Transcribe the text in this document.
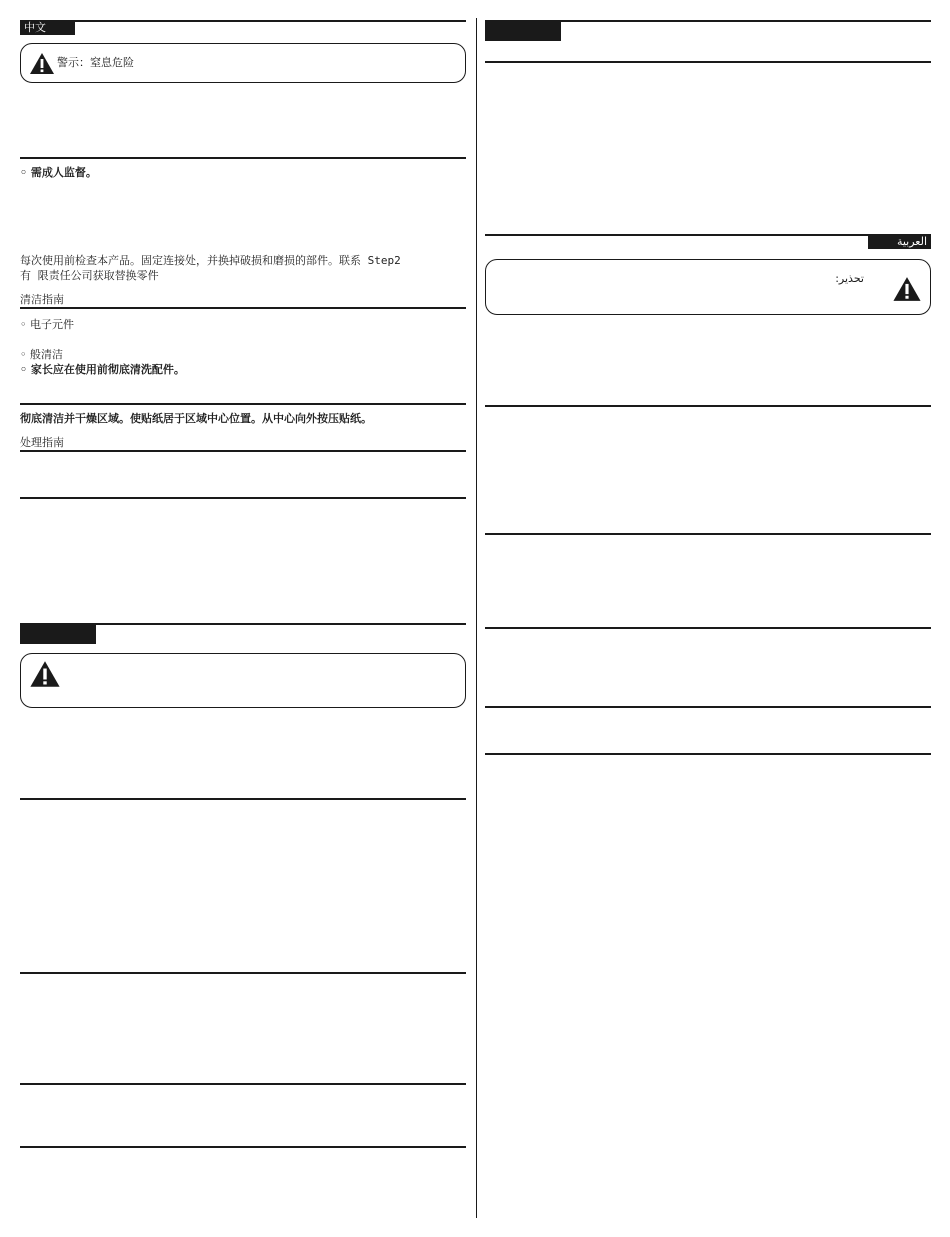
中文
警示：窒息危险
◦ 需成人监督。
每次使用前检查本产品。固定连接处，并换掉破损和磨损的部件。联系 Step2
有 限责任公司获取替换零件
清洁指南
◦ 电子元件
◦ 般清洁
◦ 家长应在使用前彻底清洗配件。
彻底清洁并干燥区域。使贴纸居于区域中心位置。从中心向外按压贴纸。
处理指南
العربية
تحذير:
